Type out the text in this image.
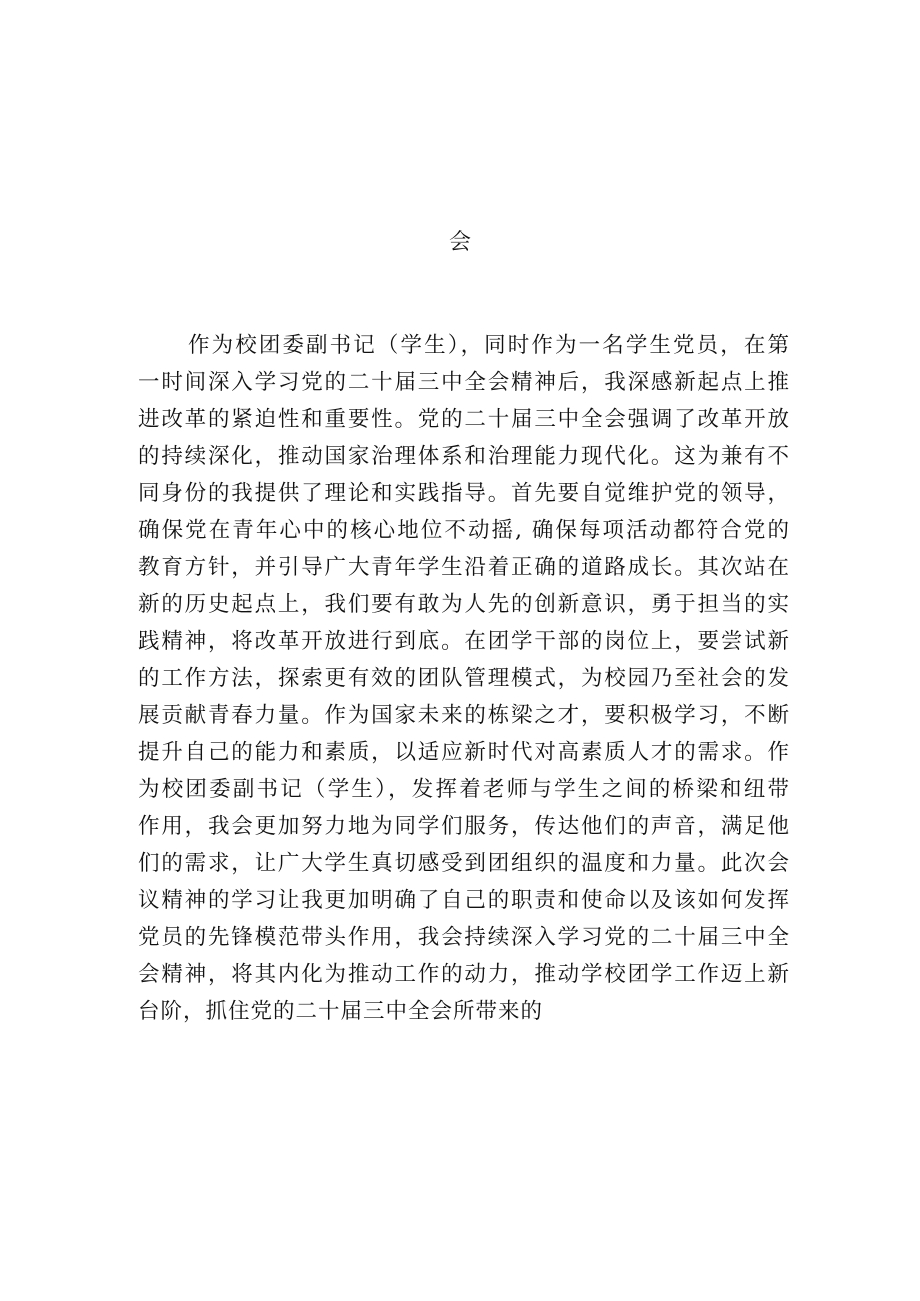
会
作为校团委副书记（学生），同时作为一名学生党员，在第
一时间深入学习党的二十届三中全会精神后，我深感新起点上推
进改革的紧迫性和重要性。党的二十届三中全会强调了改革开放
的持续深化，推动国家治理体系和治理能力现代化。这为兼有不
同身份的我提供了理论和实践指导。首先要自觉维护党的领导，
确保党在青年心中的核心地位不动摇, 确保每项活动都符合党的
教育方针，并引导广大青年学生沿着正确的道路成长。其次站在
新的历史起点上，我们要有敢为人先的创新意识，勇于担当的实
践精神，将改革开放进行到底。在团学干部的岗位上，要尝试新
的工作方法，探索更有效的团队管理模式，为校园乃至社会的发
展贡献青春力量。作为国家未来的栋梁之才，要积极学习，不断
提升自己的能力和素质，以适应新时代对高素质人才的需求。作
为校团委副书记（学生），发挥着老师与学生之间的桥梁和纽带
作用，我会更加努力地为同学们服务，传达他们的声音，满足他
们的需求，让广大学生真切感受到团组织的温度和力量。此次会
议精神的学习让我更加明确了自己的职责和使命以及该如何发挥
党员的先锋模范带头作用，我会持续深入学习党的二十届三中全
会精神，将其内化为推动工作的动力，推动学校团学工作迈上新
台阶，抓住党的二十届三中全会所带来的
